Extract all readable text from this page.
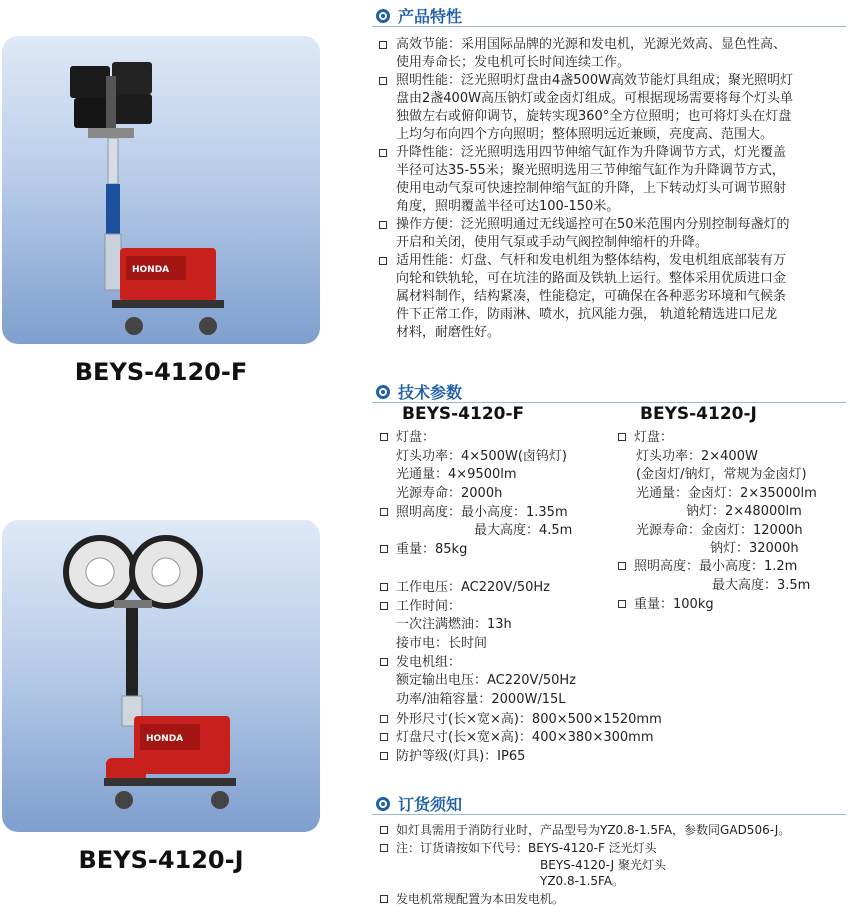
HONDA
BEYS-4120-F
HONDA
BEYS-4120-J
产品特性
高效节能：采用国际品牌的光源和发电机，光源光效高、显色性高、
使用寿命长；发电机可长时间连续工作。
照明性能：泛光照明灯盘由4盏500W高效节能灯具组成；聚光照明灯
盘由2盏400W高压钠灯或金卤灯组成。可根据现场需要将每个灯头单
独做左右或俯仰调节，旋转实现360°全方位照明；也可将灯头在灯盘
上均匀布向四个方向照明；整体照明远近兼顾，亮度高、范围大。
升降性能：泛光照明选用四节伸缩气缸作为升降调节方式，灯光覆盖
半径可达35-55米；聚光照明选用三节伸缩气缸作为升降调节方式，
使用电动气泵可快速控制伸缩气缸的升降，上下转动灯头可调节照射
角度，照明覆盖半径可达100-150米。
操作方便：泛光照明通过无线遥控可在50米范围内分别控制每盏灯的
开启和关闭，使用气泵或手动气阀控制伸缩杆的升降。
适用性能：灯盘、气杆和发电机组为整体结构，发电机组底部装有万
向轮和铁轨轮，可在坑洼的路面及铁轨上运行。整体采用优质进口金
属材料制作，结构紧凑，性能稳定，可确保在各种恶劣环境和气候条
件下正常工作，防雨淋、喷水，抗风能力强， 轨道轮精选进口尼龙
材料，耐磨性好。
技术参数
BEYS-4120-F	BEYS-4120-J
灯盘：
灯头功率：4×500W(卤钨灯)
光通量：4×9500lm
光源寿命：2000h
照明高度：最小高度：1.35m
最大高度：4.5m
重量：85kg
工作电压：AC220V/50Hz
工作时间：
一次注满燃油：13h
接市电：长时间
发电机组：
额定输出电压：AC220V/50Hz
功率/油箱容量：2000W/15L
外形尺寸(长×宽×高)：800×500×1520mm
灯盘尺寸(长×宽×高)：400×380×300mm
防护等级(灯具)：IP65
灯盘：
灯头功率：2×400W
(金卤灯/钠灯，常规为金卤灯)
光通量：金卤灯：2×35000lm
钠灯：2×48000lm
光源寿命：金卤灯：12000h
钠灯：32000h
照明高度：最小高度：1.2m
最大高度：3.5m
重量：100kg
订货须知
如灯具需用于消防行业时，产品型号为YZ0.8-1.5FA，参数同GAD506-J。
注：订货请按如下代号：BEYS-4120-F 泛光灯头
BEYS-4120-J 聚光灯头
YZ0.8-1.5FA。
发电机常规配置为本田发电机。
